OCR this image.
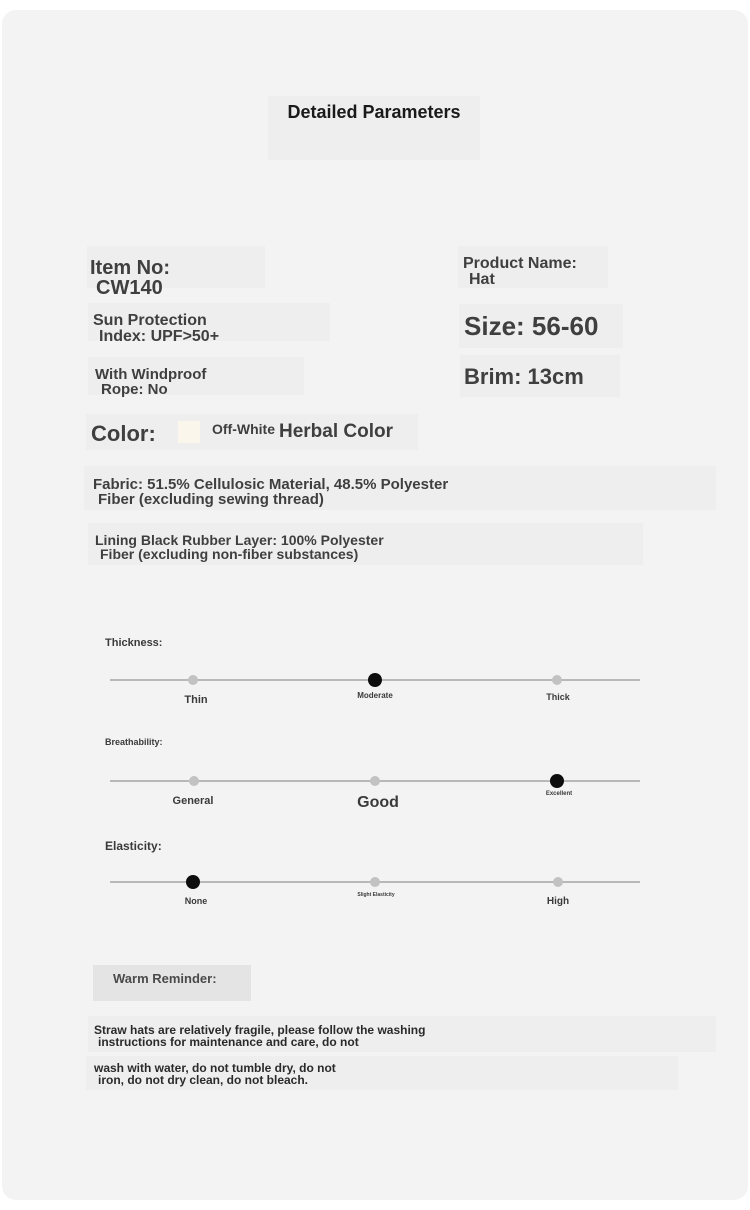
Detailed Parameters
Item No:
CW140
Product Name:
Hat
Sun Protection
Index: UPF>50+	Size: 56-60
With Windproof
Rope: No
Brim: 13cm
Color:	Off-White Herbal Color
Fabric: 51.5% Cellulosic Material, 48.5% Polyester
Fiber (excluding sewing thread)
Lining Black Rubber Layer: 100% Polyester
Fiber (excluding non-fiber substances)
Thickness:
Thin	Moderate	Thick
Breathability:
General	Good	Excellent
Elasticity:
None
Slight Elasticity
High
Warm Reminder:
Straw hats are relatively fragile, please follow the washing
instructions for maintenance and care, do not
wash with water, do not tumble dry, do not
iron, do not dry clean, do not bleach.
